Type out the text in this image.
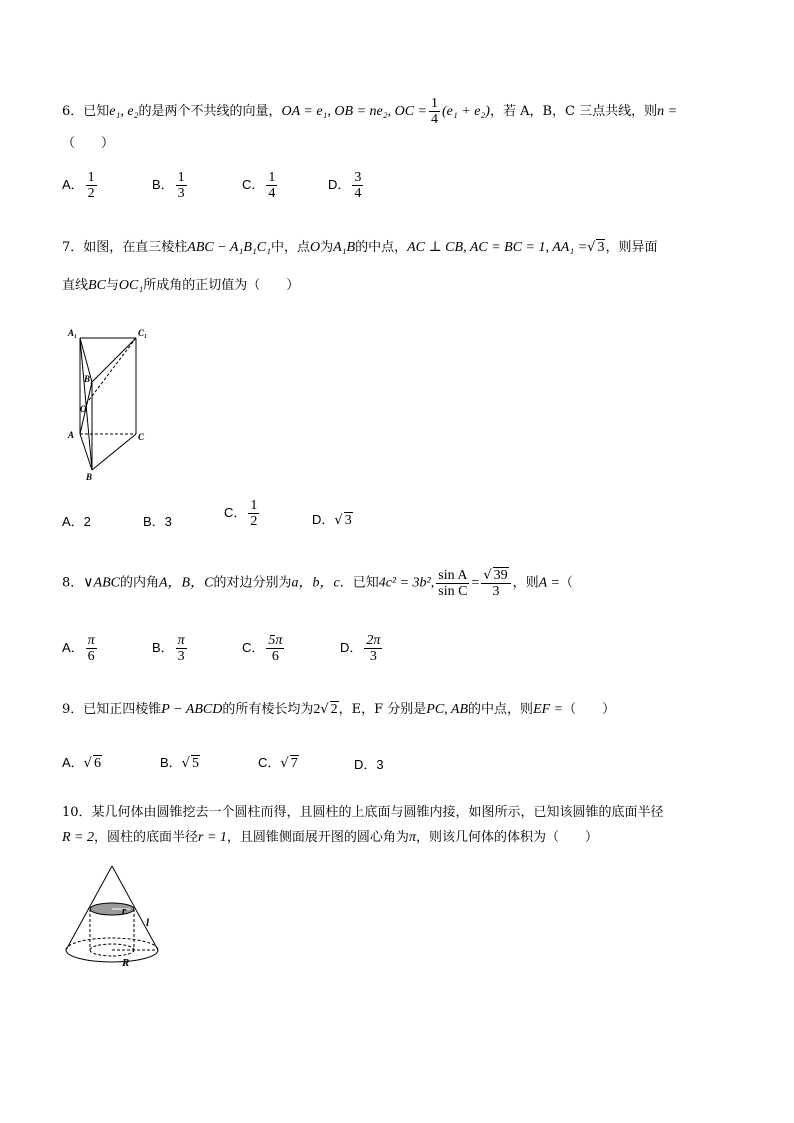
6．已知e₁, e₂的是两个不共线的向量，OA = e₁, OB = ne₂, OC = $\frac{1}{4} (e_1 + e_2)$，若 A，B，C 三点共线，则n =
（　　）
A． $\frac{1}{2}$	B． $\frac{1}{3}$	C． $\frac{1}{4}$	D． $\frac{3}{4}$
7．如图，在直三棱柱ABC − A₁B₁C₁中，点O为A₁B的中点，AC ⊥ CB, AC = BC = 1, AA₁ =√ 3，则异面
直线BC与OC₁所成角的正切值为（　　）
A₁	C₁
B₁
O
A	C
B
A．2	B．3
C． $\frac{1}{2}$	D．√ 3
8．∨ABC的内角A，B，C的对边分别为a，b，c．已知4c² = 3b², $\frac{\text{sin A}}{\text{sin C}} = \frac{√ 39}{3}$ ，则A =（
A． $\frac{\pi}{6}$	B． $\frac{\pi}{3}$	C． $\frac{5\pi}{6}$	D． $\frac{2\pi}{3}$
9．已知正四棱锥P − ABCD的所有棱长均为2√ 2，E，F 分别是PC, AB的中点，则EF =（　　）
A．√ 6	B．√ 5	C．√ 7	D．3
10．某几何体由圆锥挖去一个圆柱而得，且圆柱的上底面与圆锥内接，如图所示，已知该圆锥的底面半径
R = 2，圆柱的底面半径r = 1，且圆锥侧面展开图的圆心角为π，则该几何体的体积为（　　）
l
r
R
